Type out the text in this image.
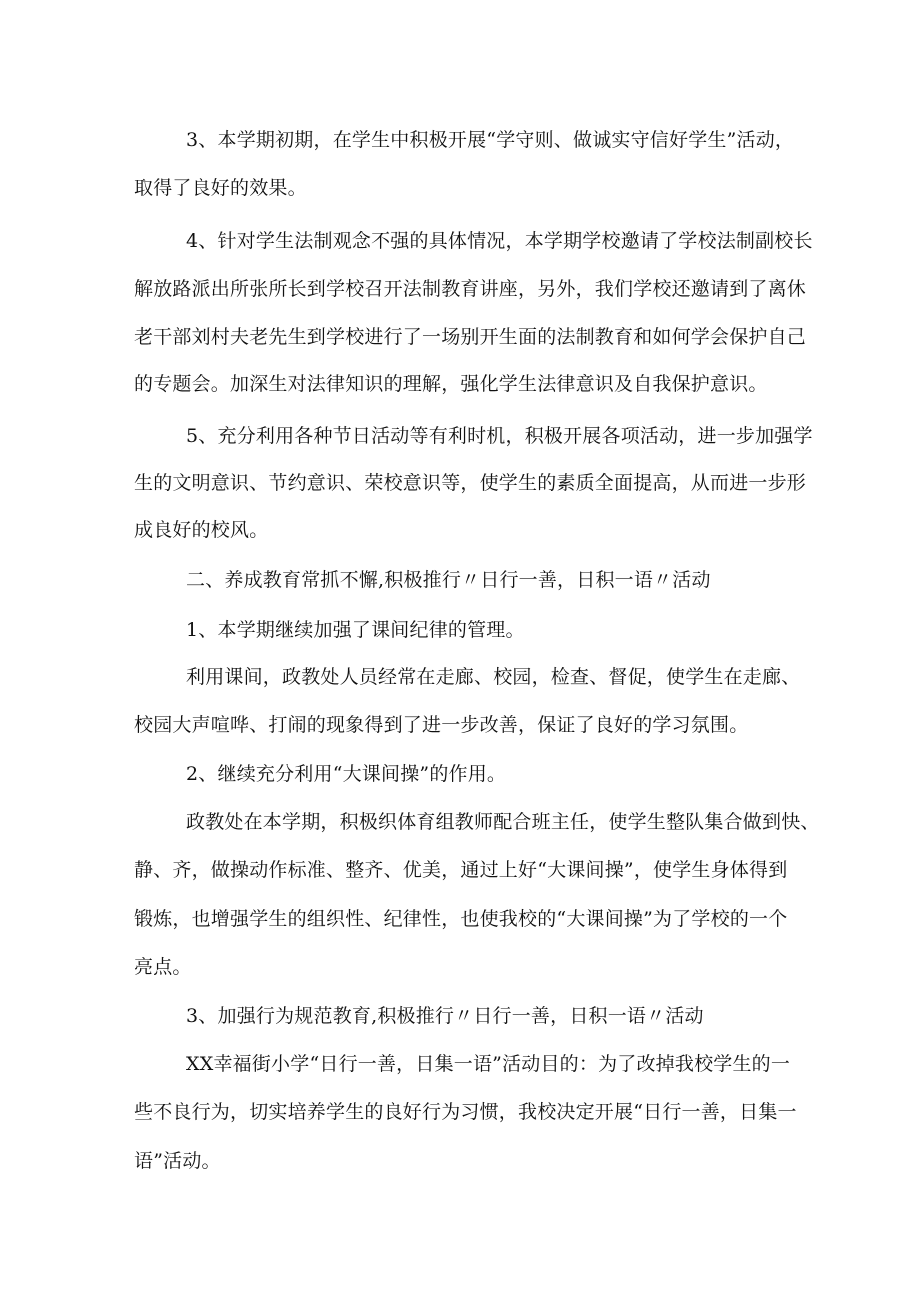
3、本学期初期，在学生中积极开展“学守则、做诚实守信好学生”活动，
取得了良好的效果。
4、针对学生法制观念不强的具体情况，本学期学校邀请了学校法制副校长
解放路派出所张所长到学校召开法制教育讲座，另外，我们学校还邀请到了离休
老干部刘村夫老先生到学校进行了一场别开生面的法制教育和如何学会保护自己
的专题会。加深生对法律知识的理解，强化学生法律意识及自我保护意识。
5、充分利用各种节日活动等有利时机，积极开展各项活动，进一步加强学
生的文明意识、节约意识、荣校意识等，使学生的素质全面提高，从而进一步形
成良好的校风。
二、养成教育常抓不懈,积极推行〃日行一善，日积一语〃活动
1、本学期继续加强了课间纪律的管理。
利用课间，政教处人员经常在走廊、校园，检查、督促，使学生在走廊、
校园大声喧哗、打闹的现象得到了进一步改善，保证了良好的学习氛围。
2、继续充分利用“大课间操”的作用。
政教处在本学期，积极织体育组教师配合班主任，使学生整队集合做到快、
静、齐，做操动作标准、整齐、优美，通过上好“大课间操”，使学生身体得到
锻炼，也增强学生的组织性、纪律性，也使我校的“大课间操”为了学校的一个
亮点。
3、加强行为规范教育,积极推行〃日行一善，日积一语〃活动
XX幸福街小学“日行一善，日集一语”活动目的：为了改掉我校学生的一
些不良行为，切实培养学生的良好行为习惯，我校决定开展“日行一善，日集一
语”活动。
